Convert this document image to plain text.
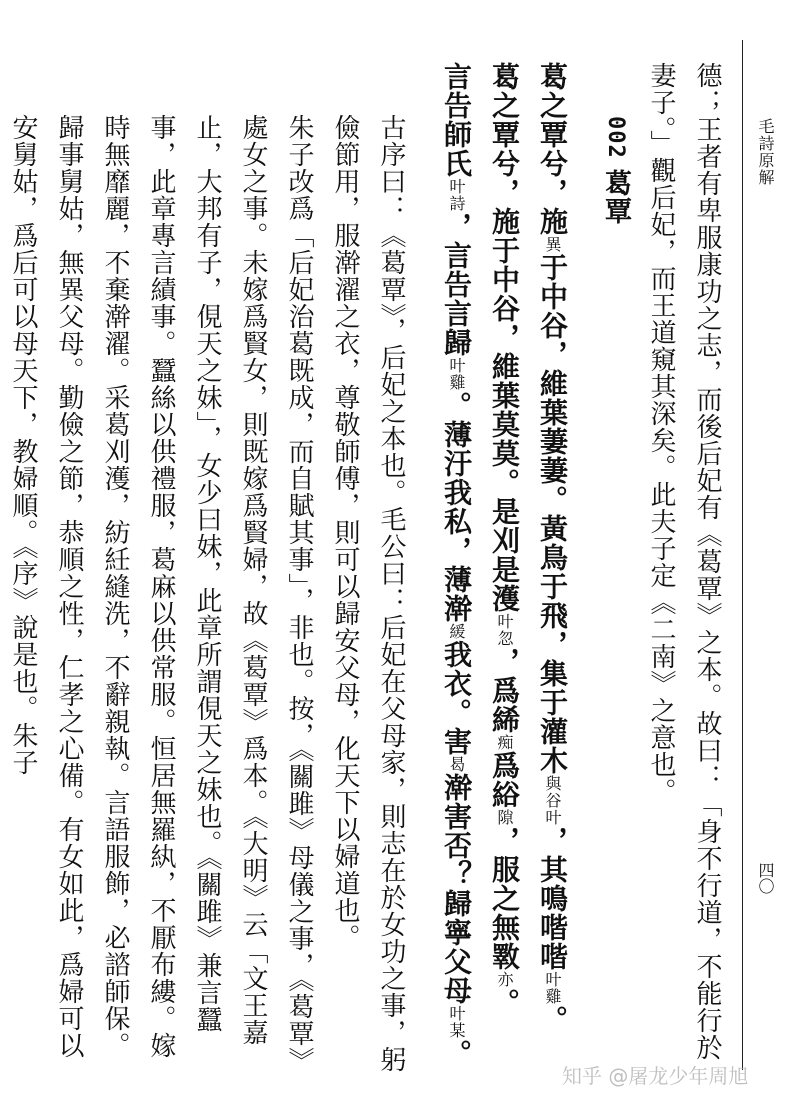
毛詩原解
四〇
德；王者有卑服康功之志，而後后妃有《葛覃》之本。故曰：「身不行道，不能行於妻子。」觀后妃，而王道窺其深矣。此夫子定《二南》之意也。
002 葛覃
葛之覃兮，施異于中谷，維葉萋萋。黃鳥于飛，集于灌木與谷叶，其鳴喈喈叶雞。
葛之覃兮，施于中谷，維葉莫莫。是刈是濩叶忽，爲絺痴爲綌隙，服之無斁亦。
言告師氏叶詩，言告言歸叶雞。薄汙我私，薄澣緩我衣。害曷澣害否？歸寧父母叶某。
古序曰：《葛覃》，后妃之本也。毛公曰：后妃在父母家，則志在於女功之事，躬儉節用，服澣濯之衣，尊敬師傅，則可以歸安父母，化天下以婦道也。
朱子改爲「后妃治葛既成，而自賦其事」，非也。按，《關雎》母儀之事，《葛覃》處女之事。未嫁爲賢女，則既嫁爲賢婦，故《葛覃》爲本。《大明》云「文王嘉止，大邦有子，俔天之妹」，女少曰妹，此章所謂俔天之妹也。《關雎》兼言蠶事，此章專言績事。蠶絲以供禮服，葛麻以供常服。恒居無羅紈，不厭布縷。嫁時無靡麗，不棄澣濯。采葛刈濩，紡紝縫洗，不辭親執。言語服飾，必諮師保。歸事舅姑，無異父母。勤儉之節，恭順之性，仁孝之心備。有女如此，爲婦可以安舅姑，爲后可以母天下，教婦順。《序》說是也。朱子
知乎 @屠龙少年周旭
